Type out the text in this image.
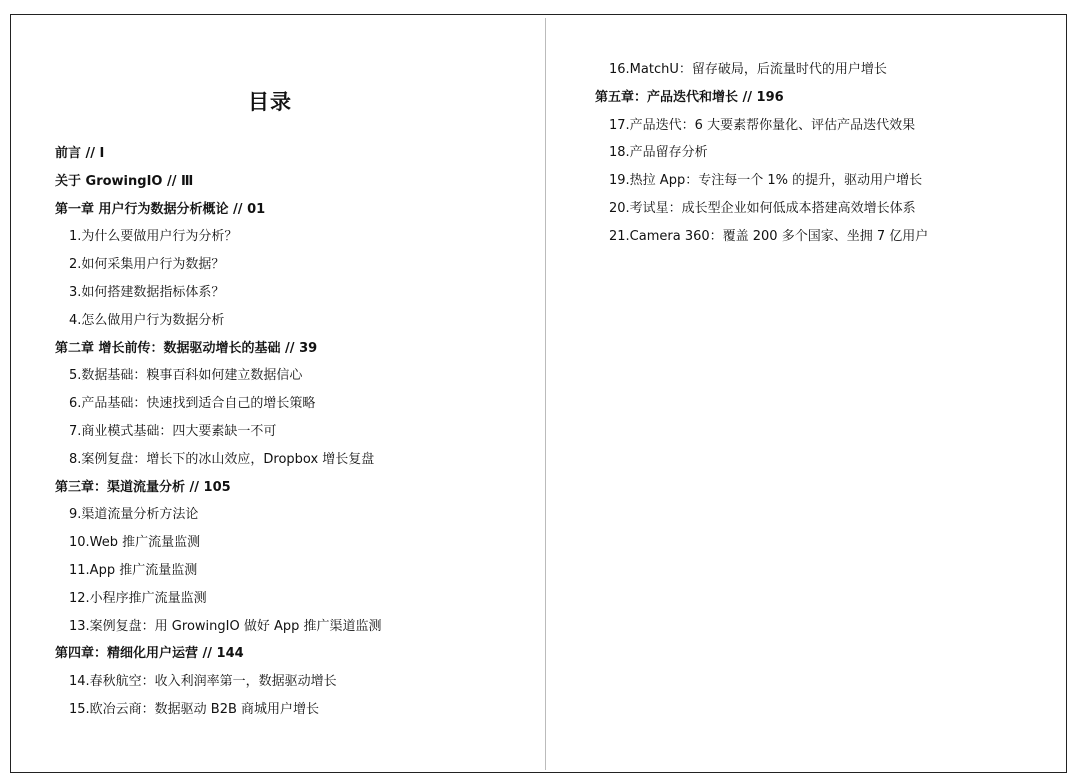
目录
前言 // Ⅰ
关于 GrowingIO // Ⅲ
第一章 用户行为数据分析概论 // 01
1.为什么要做用户行为分析？
2.如何采集用户行为数据？
3.如何搭建数据指标体系？
4.怎么做用户行为数据分析
第二章 增长前传：数据驱动增长的基础 // 39
5.数据基础：糗事百科如何建立数据信心
6.产品基础：快速找到适合自己的增长策略
7.商业模式基础：四大要素缺一不可
8.案例复盘：增长下的冰山效应，Dropbox 增长复盘
第三章：渠道流量分析 // 105
9.渠道流量分析方法论
10.Web 推广流量监测
11.App 推广流量监测
12.小程序推广流量监测
13.案例复盘：用 GrowingIO 做好 App 推广渠道监测
第四章：精细化用户运营 // 144
14.春秋航空：收入利润率第一，数据驱动增长
15.欧冶云商：数据驱动 B2B 商城用户增长
16.MatchU：留存破局，后流量时代的用户增长
第五章：产品迭代和增长 // 196
17.产品迭代：6 大要素帮你量化、评估产品迭代效果
18.产品留存分析
19.热拉 App：专注每一个 1% 的提升，驱动用户增长
20.考试星：成长型企业如何低成本搭建高效增长体系
21.Camera 360：覆盖 200 多个国家、坐拥 7 亿用户
